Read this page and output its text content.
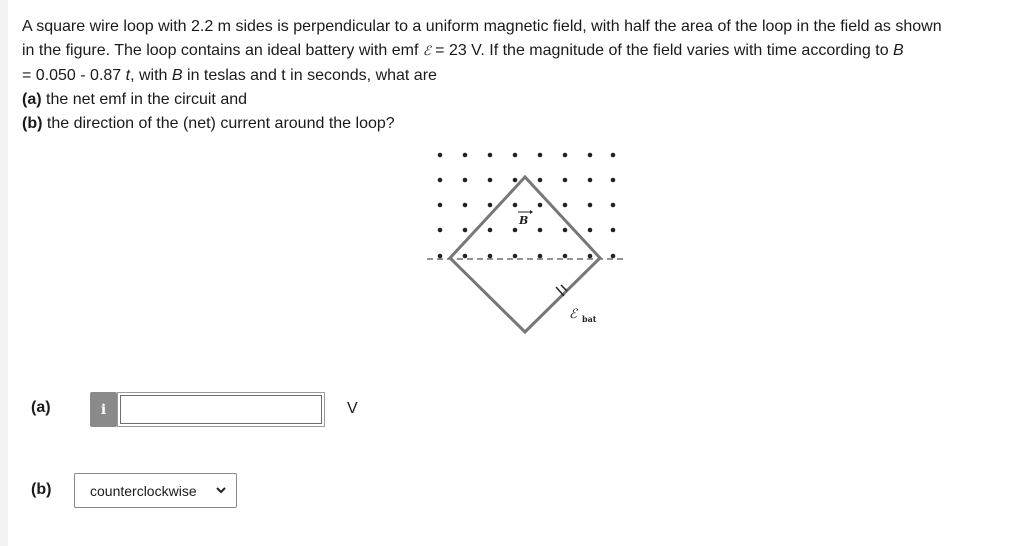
A square wire loop with 2.2 m sides is perpendicular to a uniform magnetic field, with half the area of the loop in the field as shown

in the figure. The loop contains an ideal battery with emf ℰ = 23 V. If the magnitude of the field varies with time according to B

= 0.050 - 0.87 t, with B in teslas and t in seconds, what are

(a) the net emf in the circuit and

(b) the direction of the (net) current around the loop?

B
ℰ bat
(a)	i	V
(b)	counterclockwise
